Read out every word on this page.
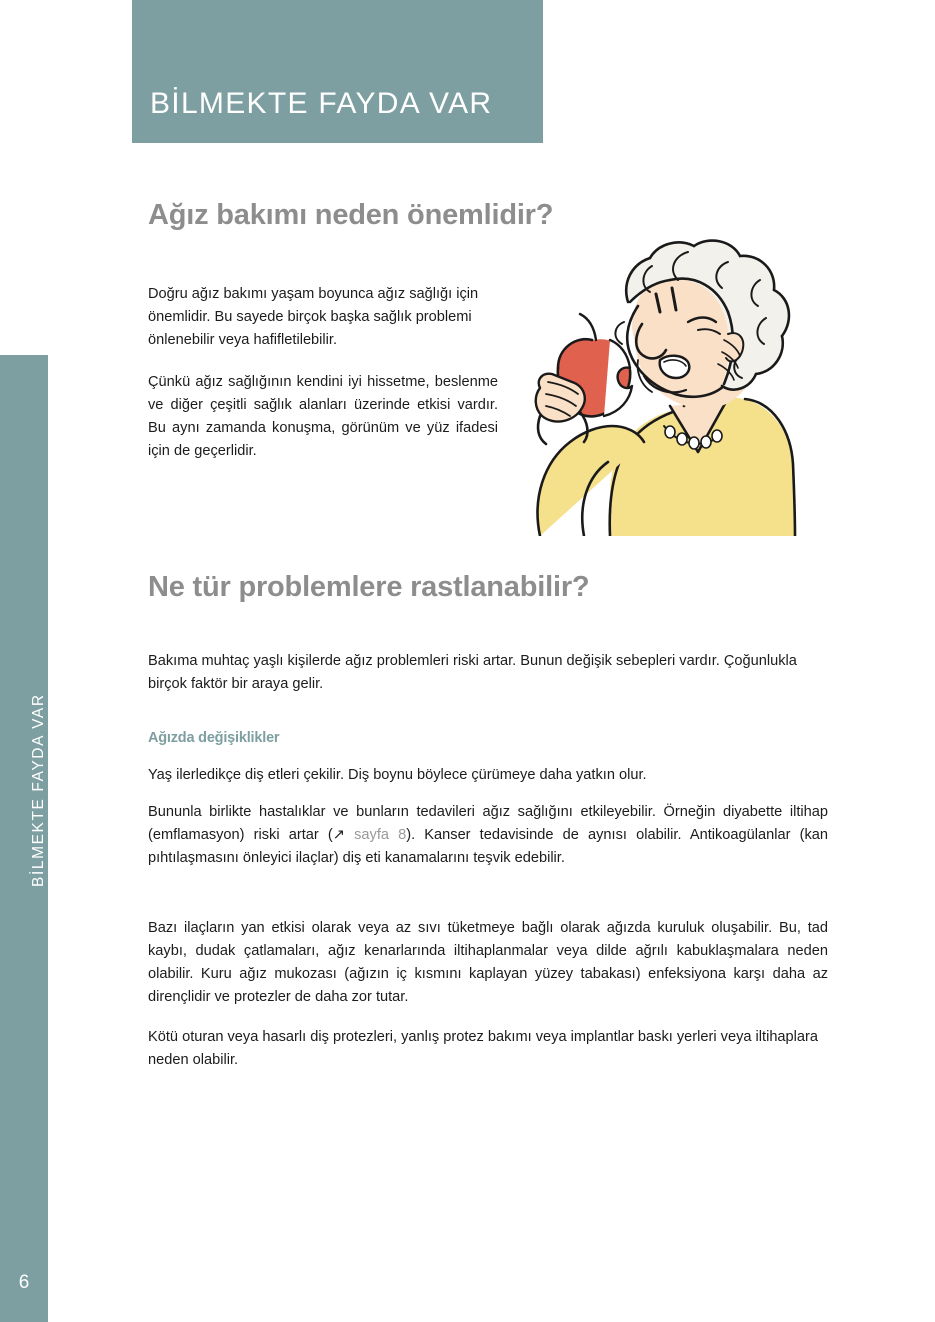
BİLMEKTE FAYDA VAR
6
BİLMEKTE FAYDA VAR
Ağız bakımı neden önemlidir?

Doğru ağız bakımı yaşam boyunca ağız sağlığı için önemlidir. Bu sayede birçok başka sağlık problemi önlenebilir veya hafifletilebilir.

Çünkü ağız sağlığının kendini iyi hissetme, beslenme ve diğer çeşitli sağlık alanları üzerinde etkisi vardır. Bu aynı zamanda konuşma, görünüm ve yüz ifadesi için de geçerlidir.

Ne tür problemlere rastlanabilir?

Bakıma muhtaç yaşlı kişilerde ağız problemleri riski artar. Bunun değişik sebepleri vardır. Çoğunlukla birçok faktör bir araya gelir.

Ağızda değişiklikler

Yaş ilerledikçe diş etleri çekilir. Diş boynu böylece çürümeye daha yatkın olur.

Bununla birlikte hastalıklar ve bunların tedavileri ağız sağlığını etkileyebilir. Örneğin diyabette iltihap (emflamasyon) riski artar (↗ sayfa 8). Kanser tedavisinde de aynısı olabilir. Antikoagülanlar (kan pıhtılaşmasını önleyici ilaçlar) diş eti kanamalarını teşvik edebilir.

Bazı ilaçların yan etkisi olarak veya az sıvı tüketmeye bağlı olarak ağızda kuruluk oluşabilir. Bu, tad kaybı, dudak çatlamaları, ağız kenarlarında iltihaplanmalar veya dilde ağrılı kabuklaşmalara neden olabilir. Kuru ağız mukozası (ağızın iç kısmını kaplayan yüzey tabakası) enfeksiyona karşı daha az dirençlidir ve protezler de daha zor tutar.

Kötü oturan veya hasarlı diş protezleri, yanlış protez bakımı veya implantlar baskı yerleri veya iltihaplara neden olabilir.
